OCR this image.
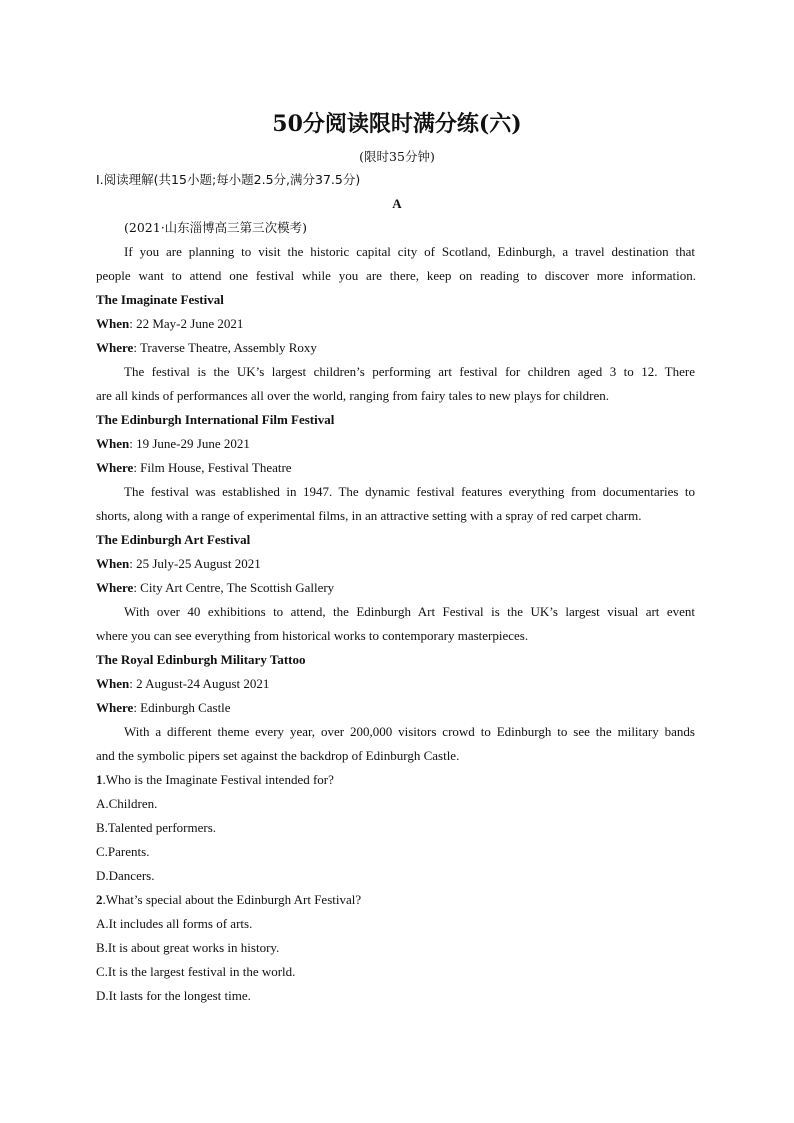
50分阅读限时满分练(六)
(限时35分钟)
Ⅰ.阅读理解(共15小题;每小题2.5分,满分37.5分)
A
(2021·山东淄博高三第三次模考)
If you are planning to visit the historic capital city of Scotland, Edinburgh, a travel destination that
people want to attend one festival while you are there, keep on reading to discover more information.
The Imaginate Festival
When: 22 May-2 June 2021
Where: Traverse Theatre, Assembly Roxy
The festival is the UK’s largest children’s performing art festival for children aged 3 to 12. There
are all kinds of performances all over the world, ranging from fairy tales to new plays for children.
The Edinburgh International Film Festival
When: 19 June-29 June 2021
Where: Film House, Festival Theatre
The festival was established in 1947. The dynamic festival features everything from documentaries to
shorts, along with a range of experimental films, in an attractive setting with a spray of red carpet charm.
The Edinburgh Art Festival
When: 25 July-25 August 2021
Where: City Art Centre, The Scottish Gallery
With over 40 exhibitions to attend, the Edinburgh Art Festival is the UK’s largest visual art event
where you can see everything from historical works to contemporary masterpieces.
The Royal Edinburgh Military Tattoo
When: 2 August-24 August 2021
Where: Edinburgh Castle
With a different theme every year, over 200,000 visitors crowd to Edinburgh to see the military bands
and the symbolic pipers set against the backdrop of Edinburgh Castle.
1.Who is the Imaginate Festival intended for?
A.Children.
B.Talented performers.
C.Parents.
D.Dancers.
2.What’s special about the Edinburgh Art Festival?
A.It includes all forms of arts.
B.It is about great works in history.
C.It is the largest festival in the world.
D.It lasts for the longest time.
